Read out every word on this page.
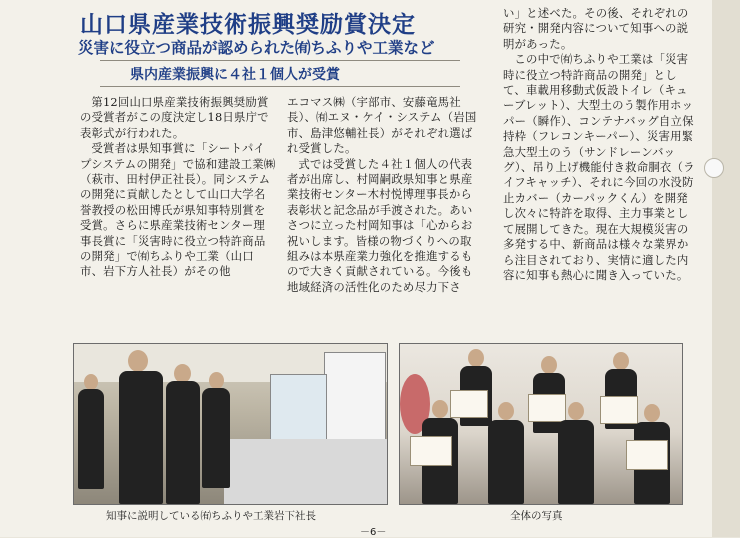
山口県産業技術振興奨励賞決定
災害に役立つ商品が認められた㈲ちふりや工業など
県内産業振興に４社１個人が受賞

第12回山口県産業技術振興奨励賞の受賞者がこの度決定し18日県庁で表彰式が行われた。

受賞者は県知事賞に「シートパイプシステムの開発」で協和建設工業㈱（萩市、田村伊正社長）。同システムの開発に貢献したとして山口大学名誉教授の松田博氏が県知事特別賞を受賞。さらに県産業技術センター理事長賞に「災害時に役立つ特許商品の開発」で㈲ちふりや工業（山口市、岩下方人社長）がその他

エコマス㈱（宇部市、安藤竜馬社長）、㈲エヌ・ケイ・システム（岩国市、島津悠輔社長）がそれぞれ選ばれ受賞した。

式では受賞した４社１個人の代表者が出席し、村岡嗣政県知事と県産業技術センター木村悦博理事長から表彰状と記念品が手渡された。あいさつに立った村岡知事は「心からお祝いします。皆様の物づくりへの取組みは本県産業力強化を推進するもので大きく貢献されている。今後も地域経済の活性化のため尽力下さ

い」と述べた。その後、それぞれの研究・開発内容について知事への説明があった。

この中で㈲ちふりや工業は「災害時に役立つ特許商品の開発」として、車載用移動式仮設トイレ（キューブレット）、大型土のう製作用ホッパー（瞬作）、コンテナバッグ自立保持枠（フレコンキーパー）、災害用緊急大型土のう（サンドレーンバッグ）、吊り上げ機能付き救命胴衣（ライフキャッチ）、それに今回の水没防止カバー（カーパックくん）を開発し次々に特許を取得、主力事業として展開してきた。現在大規模災害の多発する中、新商品は様々な業界から注目されており、実情に適した内容に知事も熱心に聞き入っていた。

知事に説明している㈲ちふりや工業岩下社長	全体の写真
－6－
